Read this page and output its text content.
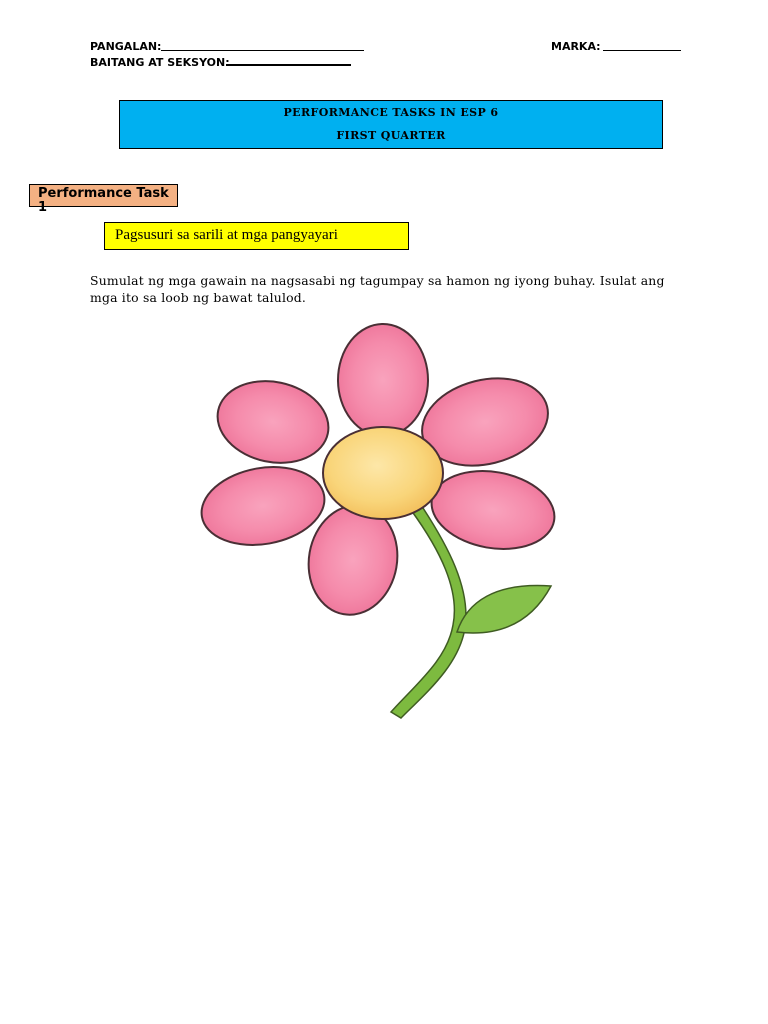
PANGALAN:	MARKA:
BAITANG AT SEKSYON:
PERFORMANCE TASKS IN ESP 6
FIRST QUARTER
Performance Task 1
Pagsusuri sa sarili at mga pangyayari
Sumulat ng mga gawain na nagsasabi ng tagumpay sa hamon ng iyong buhay. Isulat ang mga ito sa loob ng bawat talulod.
